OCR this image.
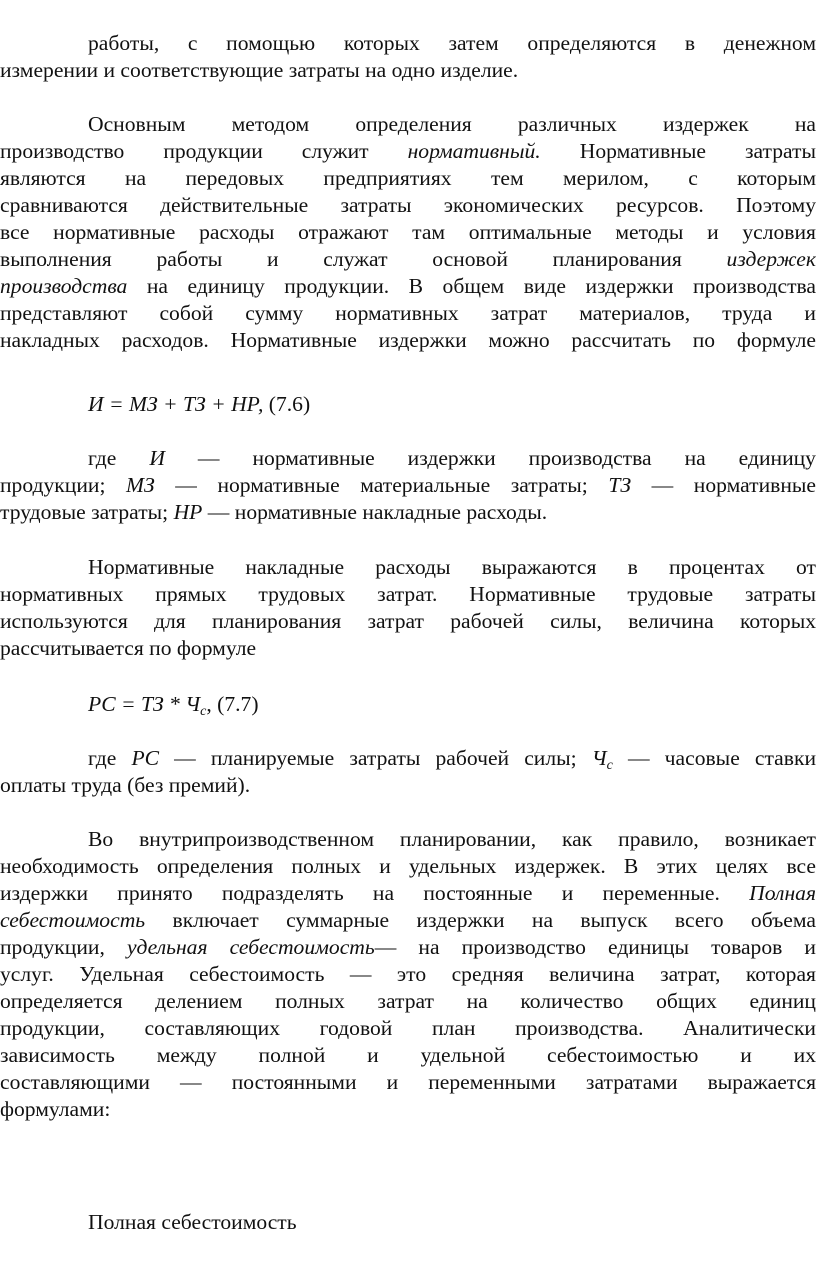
работы, с помощью которых затем определяются в денежном
измерении и соответствующие затраты на одно изделие.
Основным методом определения различных издержек на
производство продукции служит нормативный. Нормативные затраты
являются на передовых предприятиях тем мерилом, с которым
сравниваются действительные затраты экономических ресурсов. Поэтому
все нормативные расходы отражают там оптимальные методы и условия
выполнения работы и служат основой планирования издержек
производства на единицу продукции. В общем виде издержки производства
представляют собой сумму нормативных затрат материалов, труда и
накладных расходов. Нормативные издержки можно рассчитать по формуле
И = МЗ + ТЗ + НР, (7.6)
где И — нормативные издержки производства на единицу
продукции; МЗ — нормативные материальные затраты; ТЗ — нормативные
трудовые затраты; НР — нормативные накладные расходы.
Нормативные накладные расходы выражаются в процентах от
нормативных прямых трудовых затрат. Нормативные трудовые затраты
используются для планирования затрат рабочей силы, величина которых
рассчитывается по формуле
РС = ТЗ * $Ч_с$, (7.7)
где РС — планируемые затраты рабочей силы; $Ч_с$ — часовые ставки
оплаты труда (без премий).
Во внутрипроизводственном планировании, как правило, возникает
необходимость определения полных и удельных издержек. В этих целях все
издержки принято подразделять на постоянные и переменные. Полная
себестоимость включает суммарные издержки на выпуск всего объема
продукции, удельная себестоимость— на производство единицы товаров и
услуг. Удельная себестоимость — это средняя величина затрат, которая
определяется делением полных затрат на количество общих единиц
продукции, составляющих годовой план производства. Аналитически
зависимость между полной и удельной себестоимостью и их
составляющими — постоянными и переменными затратами выражается
формулами:
Полная себестоимость
